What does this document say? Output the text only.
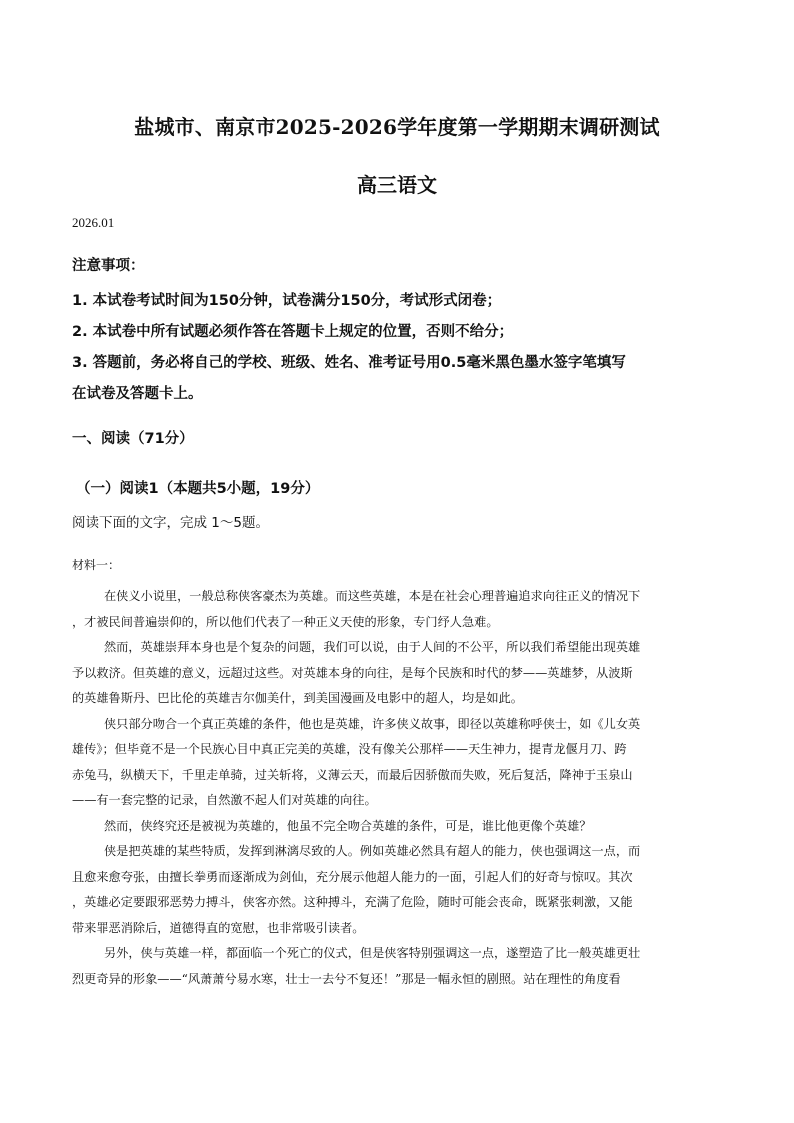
盐城市、南京市2025-2026学年度第一学期期末调研测试
高三语文
2026.01
注意事项：
1. 本试卷考试时间为150分钟，试卷满分150分，考试形式闭卷；
2. 本试卷中所有试题必须作答在答题卡上规定的位置，否则不给分；
3. 答题前，务必将自己的学校、班级、姓名、准考证号用0.5毫米黑色墨水签字笔填写
在试卷及答题卡上。
一、阅读（71分）
（一）阅读1（本题共5小题，19分）
阅读下面的文字，完成 1～5题。
材料一：
在侠义小说里，一般总称侠客豪杰为英雄。而这些英雄，本是在社会心理普遍追求向往正义的情况下
，才被民间普遍崇仰的，所以他们代表了一种正义天使的形象，专门纾人急难。
然而，英雄崇拜本身也是个复杂的问题，我们可以说，由于人间的不公平，所以我们希望能出现英雄
予以救济。但英雄的意义，远超过这些。对英雄本身的向往，是每个民族和时代的梦——英雄梦，从波斯
的英雄鲁斯丹、巴比伦的英雄吉尔伽美什，到美国漫画及电影中的超人，均是如此。
侠只部分吻合一个真正英雄的条件，他也是英雄，许多侠义故事，即径以英雄称呼侠士，如《儿女英
雄传》；但毕竟不是一个民族心目中真正完美的英雄，没有像关公那样——天生神力，提青龙偃月刀、跨
赤兔马，纵横天下，千里走单骑，过关斩将，义薄云天，而最后因骄傲而失败，死后复活，降神于玉泉山
——有一套完整的记录，自然激不起人们对英雄的向往。
然而，侠终究还是被视为英雄的，他虽不完全吻合英雄的条件，可是，谁比他更像个英雄？
侠是把英雄的某些特质，发挥到淋漓尽致的人。例如英雄必然具有超人的能力，侠也强调这一点，而
且愈来愈夸张，由擅长拳勇而逐渐成为剑仙，充分展示他超人能力的一面，引起人们的好奇与惊叹。其次
，英雄必定要跟邪恶势力搏斗，侠客亦然。这种搏斗，充满了危险，随时可能会丧命，既紧张刺激，又能
带来罪恶消除后，道德得直的宽慰，也非常吸引读者。
另外，侠与英雄一样，都面临一个死亡的仪式，但是侠客特别强调这一点，遂塑造了比一般英雄更壮
烈更奇异的形象——“风萧萧兮易水寒，壮士一去兮不复还！”那是一幅永恒的剧照。站在理性的角度看
